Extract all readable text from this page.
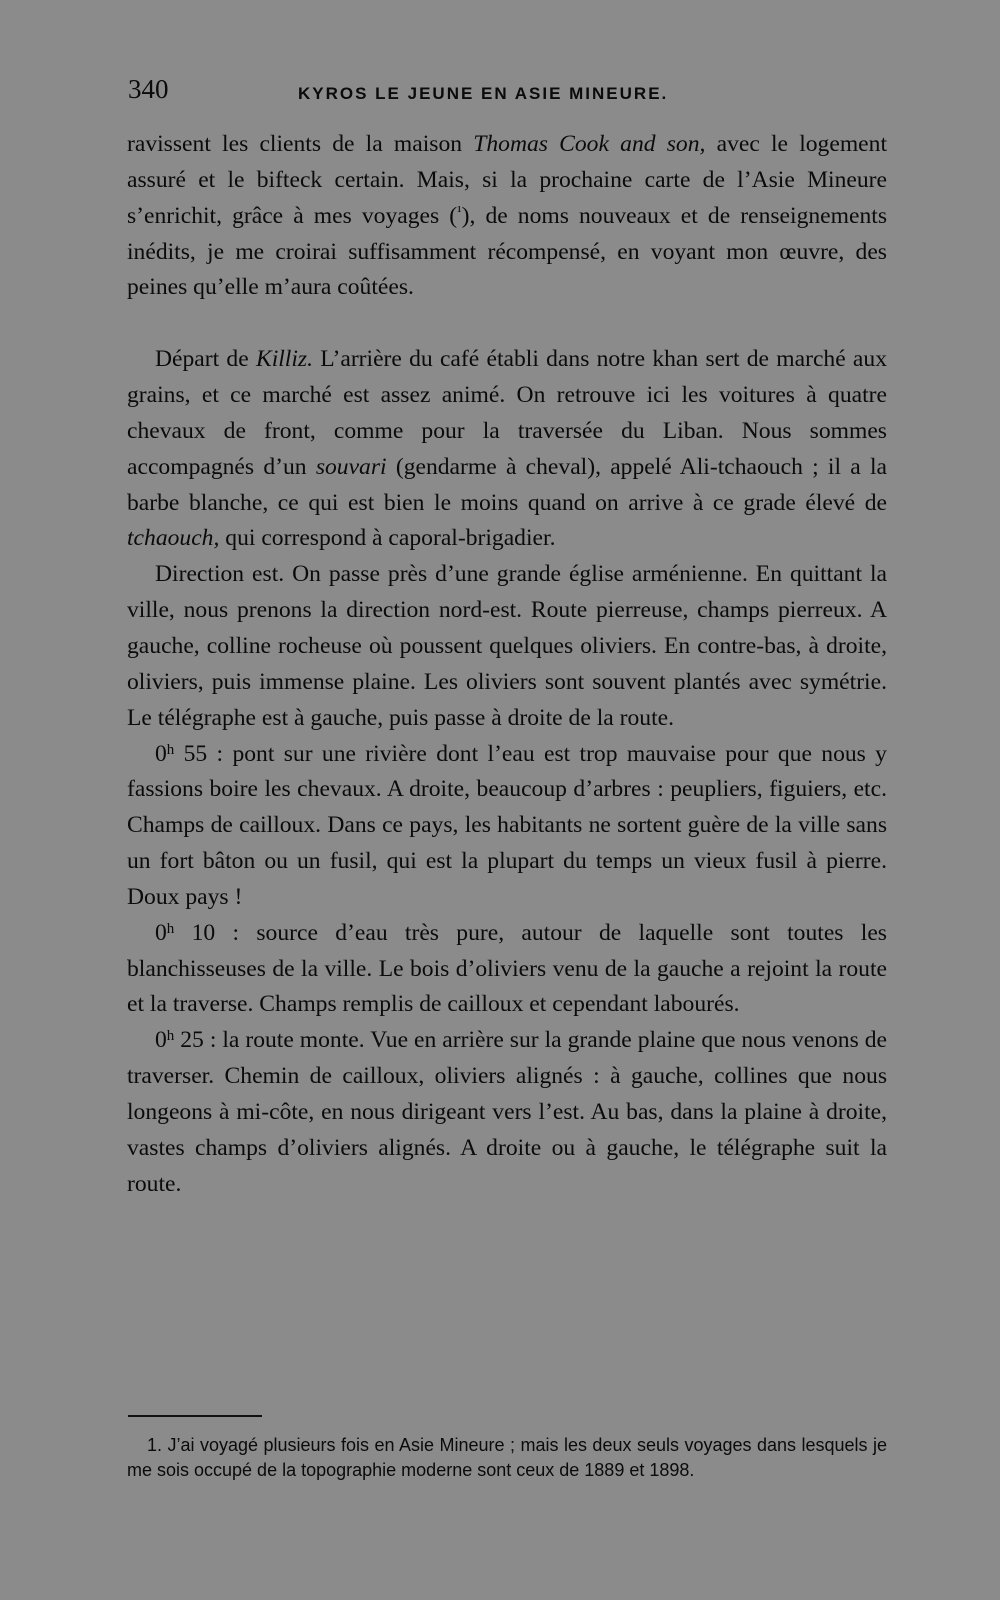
340	KYROS LE JEUNE EN ASIE MINEURE.

ravissent les clients de la maison Thomas Cook and son, avec le logement assuré et le bifteck certain. Mais, si la prochaine carte de l’Asie Mineure s’enrichit, grâce à mes voyages ($^{^1}$), de noms nouveaux et de renseignements inédits, je me croirai suffisamment récompensé, en voyant mon œuvre, des peines qu’elle m’aura coûtées.

Départ de Killiz. L’arrière du café établi dans notre khan sert de marché aux grains, et ce marché est assez animé. On retrouve ici les voitures à quatre chevaux de front, comme pour la traversée du Liban. Nous sommes accompagnés d’un souvari (gendarme à cheval), appelé Ali-tchaouch ; il a la barbe blanche, ce qui est bien le moins quand on arrive à ce grade élevé de tchaouch, qui correspond à caporal-brigadier.

Direction est. On passe près d’une grande église arménienne. En quittant la ville, nous prenons la direction nord-est. Route pierreuse, champs pierreux. A gauche, colline rocheuse où poussent quelques oliviers. En contre-bas, à droite, oliviers, puis immense plaine. Les oliviers sont souvent plantés avec symétrie. Le télégraphe est à gauche, puis passe à droite de la route.

0$^h$ 55 : pont sur une rivière dont l’eau est trop mauvaise pour que nous y fassions boire les chevaux. A droite, beaucoup d’arbres : peupliers, figuiers, etc. Champs de cailloux. Dans ce pays, les habitants ne sortent guère de la ville sans un fort bâton ou un fusil, qui est la plupart du temps un vieux fusil à pierre. Doux pays !

0$^h$ 10 : source d’eau très pure, autour de laquelle sont toutes les blanchisseuses de la ville. Le bois d’oliviers venu de la gauche a rejoint la route et la traverse. Champs remplis de cailloux et cependant labourés.

0$^h$ 25 : la route monte. Vue en arrière sur la grande plaine que nous venons de traverser. Chemin de cailloux, oliviers alignés : à gauche, collines que nous longeons à mi-côte, en nous dirigeant vers l’est. Au bas, dans la plaine à droite, vastes champs d’oliviers alignés. A droite ou à gauche, le télégraphe suit la route.

1. J’ai voyagé plusieurs fois en Asie Mineure ; mais les deux seuls voyages dans lesquels je me sois occupé de la topographie moderne sont ceux de 1889 et 1898.
